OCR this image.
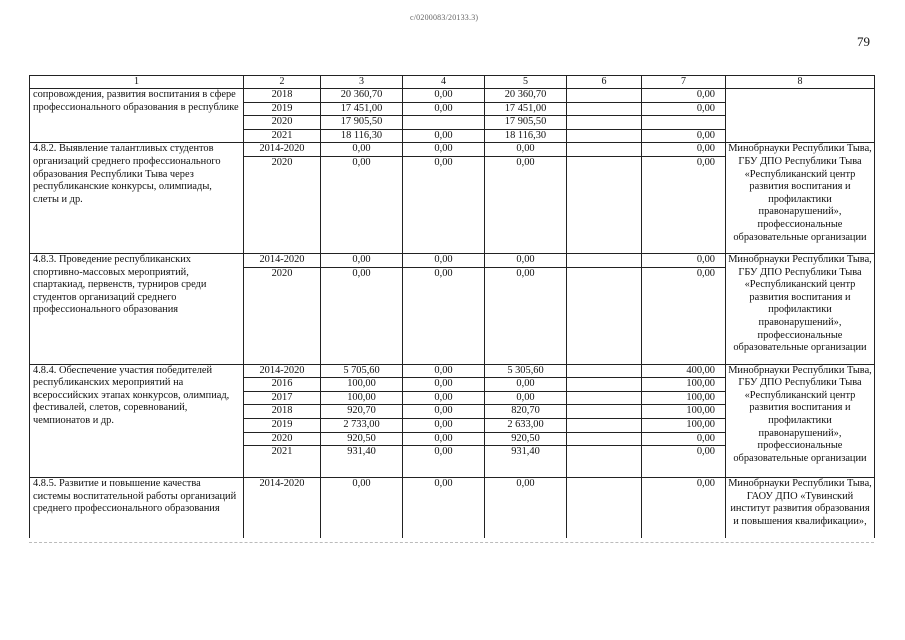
с/0200083/20133.3)
79
1	2	3	4	5	6	7	8
сопровождения, развития воспитания в сфере профессионального образования в республике	2018	20 360,70	0,00	20 360,70		0,00	
	2019	17 451,00	0,00	17 451,00		0,00	
	2020	17 905,50		17 905,50			
	2021	18 116,30	0,00	18 116,30		0,00	
4.8.2. Выявление талантливых студентов организаций среднего профессионального образования Республики Тыва через республиканские конкурсы, олимпиады, слеты и др.	2014-2020	0,00	0,00	0,00		0,00	Минобрнауки Республики Тыва, ГБУ ДПО Республики Тыва «Республиканский центр развития воспитания и профилактики правонарушений», профессиональные образовательные организации
	2020	0,00	0,00	0,00		0,00	
4.8.3. Проведение республиканских спортивно-массовых мероприятий, спартакиад, первенств, турниров среди студентов организаций среднего профессионального образования	2014-2020	0,00	0,00	0,00		0,00	Минобрнауки Республики Тыва, ГБУ ДПО Республики Тыва «Республиканский центр развития воспитания и профилактики правонарушений», профессиональные образовательные организации
	2020	0,00	0,00	0,00		0,00	
4.8.4. Обеспечение участия победителей республиканских мероприятий на всероссийских этапах конкурсов, олимпиад, фестивалей, слетов, соревнований, чемпионатов и др.	2014-2020	5 705,60	0,00	5 305,60		400,00	Минобрнауки Республики Тыва, ГБУ ДПО Республики Тыва «Республиканский центр развития воспитания и профилактики правонарушений», профессиональные образовательные организации
	2016	100,00	0,00	0,00		100,00	
	2017	100,00	0,00	0,00		100,00	
	2018	920,70	0,00	820,70		100,00	
	2019	2 733,00	0,00	2 633,00		100,00	
	2020	920,50	0,00	920,50		0,00	
	2021	931,40	0,00	931,40		0,00	
4.8.5. Развитие и повышение качества системы воспитательной работы организаций среднего профессионального образования	2014-2020	0,00	0,00	0,00		0,00	Минобрнауки Республики Тыва, ГАОУ ДПО «Тувинский институт развития образования и повышения квалификации»,
